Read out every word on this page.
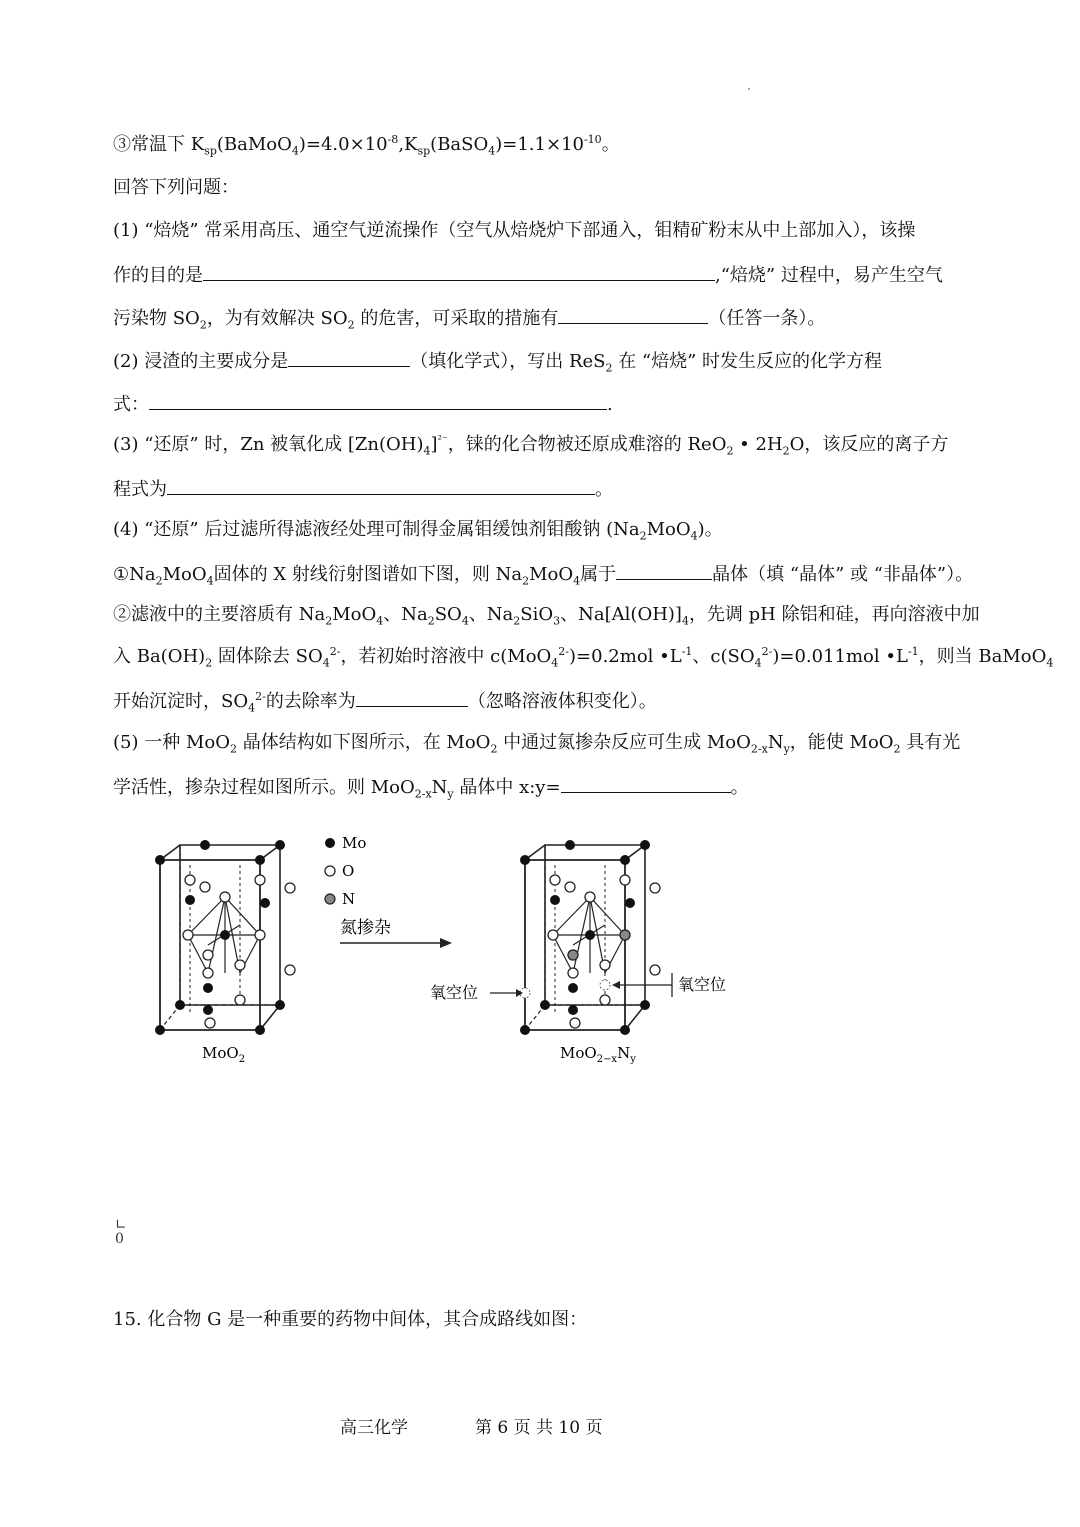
③常温下 $K_{sp}(BaMoO_4)=4.0\times 10^{-8},K_{sp}(BaSO_4)=1.1\times 10^{-10}$。
回答下列问题：
(1) “焙烧” 常采用高压、通空气逆流操作（空气从焙烧炉下部通入，钼精矿粉末从中上部加入），该操
作的目的是	,“焙烧” 过程中，易产生空气
污染物 $SO_2$，为有效解决 $SO_2$ 的危害，可采取的措施有	（任答一条）。
(2) 浸渣的主要成分是	（填化学式），写出 ReS$_2$ 在 “焙烧” 时发生反应的化学方程
式：	.
(3) “还原” 时，Zn 被氧化成 $[Zn(OH)_4]^{^{2-}}$，铼的化合物被还原成难溶的 ReO$_2$ • $2H_2O$，该反应的离子方
程式为	。
(4) “还原” 后过滤所得滤液经处理可制得金属钼缓蚀剂钼酸钠 $(Na_2MoO_4)$。
$①Na_2MoO_4$固体的 X 射线衍射图谱如下图，则 $Na_2MoO_4$属于	晶体（填 “晶体” 或 “非晶体”）。
②滤液中的主要溶质有 $Na_2MoO_4$、$Na_2SO_4$、$Na_2SiO_3$、$Na[Al(OH)]_4$，先调 pH 除铝和硅，再向溶液中加
入 $Ba(OH)_2$ 固体除去 $SO_4^{2-}$，若初始时溶液中 c(MoO$_4^{2-}$)=0.2mol $•L^{-1}$、$c(SO_4^{2-})=0.011mol$ $•L^{-1}$，则当 BaMoO$_4$
开始沉淀时，$SO_4^{2-}$的去除率为	（忽略溶液体积变化）。
(5) 一种 MoO$_2$ 晶体结构如下图所示，在 MoO$_2$ 中通过氮掺杂反应可生成 $MoO_{2-x}N_y$，能使 MoO$_2$ 具有光
学活性，掺杂过程如图所示。则 $MoO_{2-x}N_y$ 晶体中 x:y=	。
Mo
O
N
氮掺杂
氧空位	氧空位
MoO$_2$	$MoO_{2-x}N_y$
∟
0
15. 化合物 G 是一种重要的药物中间体，其合成路线如图：
高三化学	第 6 页 共 10 页
